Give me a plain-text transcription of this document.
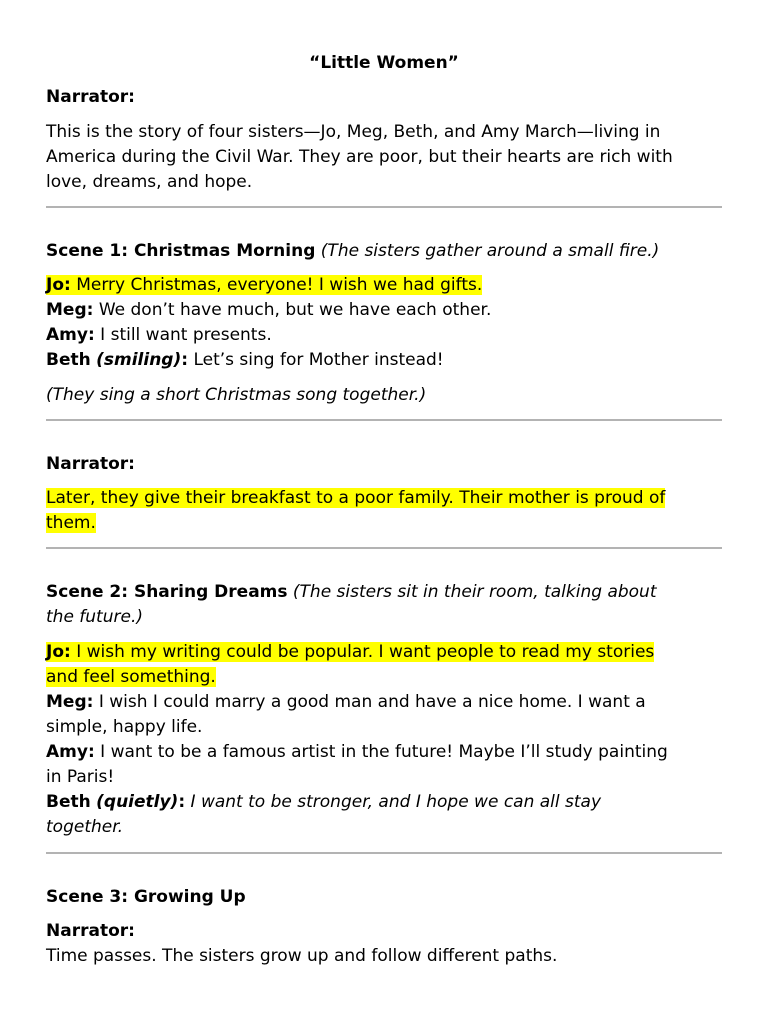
“Little Women”
Narrator:
This is the story of four sisters—Jo, Meg, Beth, and Amy March—living in
America during the Civil War. They are poor, but their hearts are rich with
love, dreams, and hope.
Scene 1: Christmas Morning (The sisters gather around a small fire.)
Jo: Merry Christmas, everyone! I wish we had gifts.
Meg: We don’t have much, but we have each other.
Amy: I still want presents.
Beth (smiling): Let’s sing for Mother instead!
(They sing a short Christmas song together.)
Narrator:
Later, they give their breakfast to a poor family. Their mother is proud of
them.
Scene 2: Sharing Dreams (The sisters sit in their room, talking about
the future.)
Jo: I wish my writing could be popular. I want people to read my stories
and feel something.
Meg: I wish I could marry a good man and have a nice home. I want a
simple, happy life.
Amy: I want to be a famous artist in the future! Maybe I’ll study painting
in Paris!
Beth (quietly): I want to be stronger, and I hope we can all stay
together.
Scene 3: Growing Up
Narrator:
Time passes. The sisters grow up and follow different paths.
